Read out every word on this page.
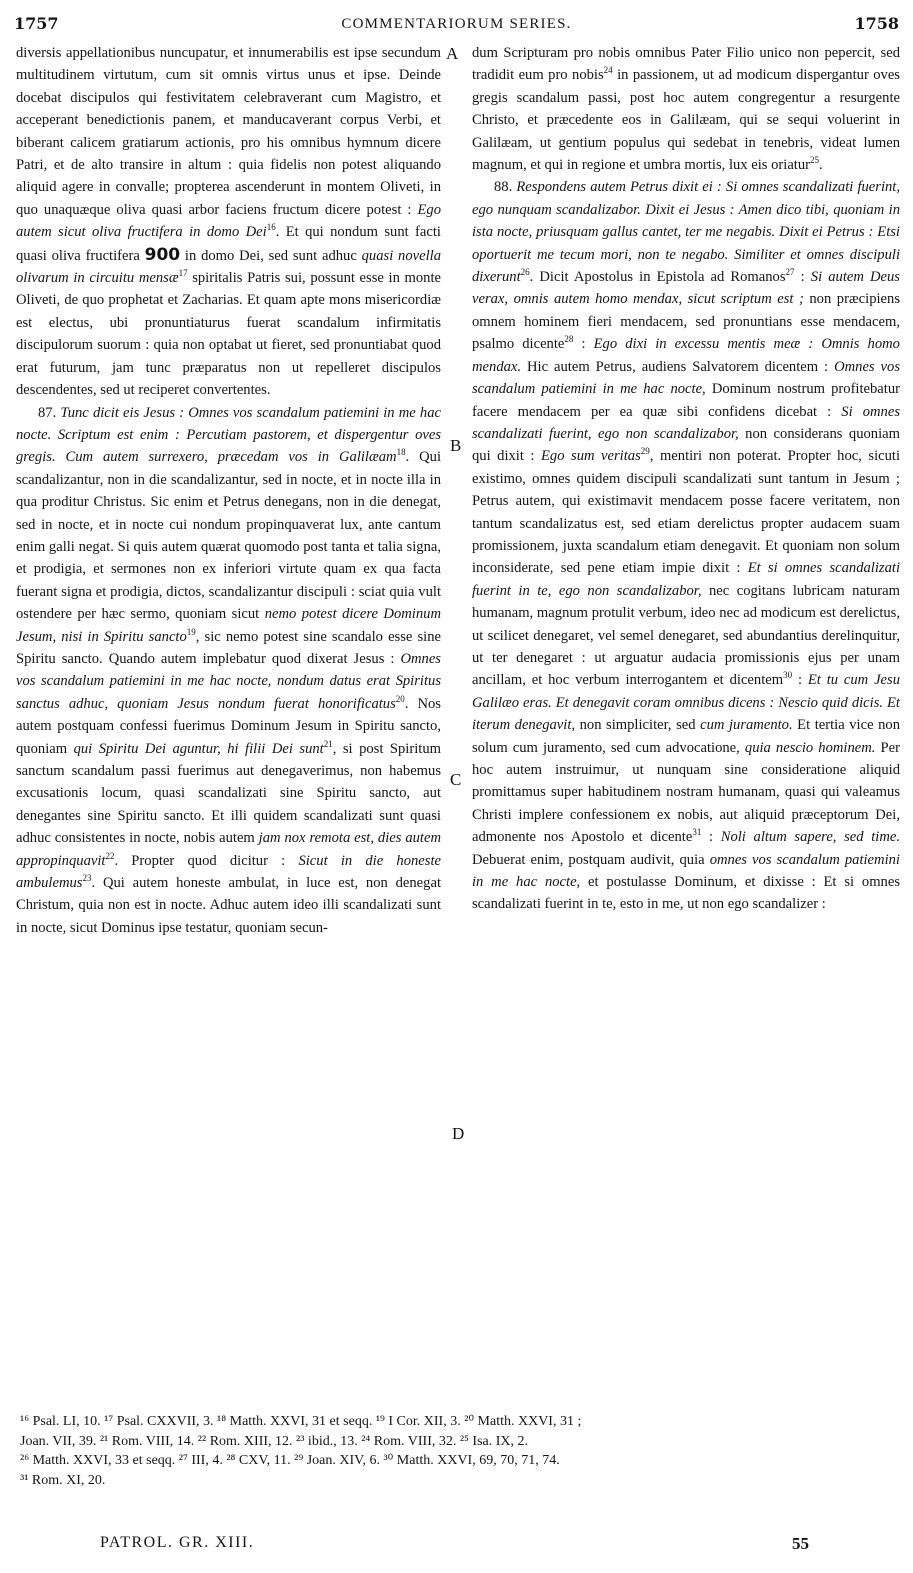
1757	COMMENTARIORUM SERIES.	1758
A
B
C
D

diversis appellationibus nuncupatur, et innumerabilis est ipse secundum multitudinem virtutum, cum sit omnis virtus unus et ipse. Deinde docebat discipulos qui festivitatem celebraverant cum Magistro, et acceperant benedictionis panem, et manducaverant corpus Verbi, et biberant calicem gratiarum actionis, pro his omnibus hymnum dicere Patri, et de alto transire in altum : quia fidelis non potest aliquando aliquid agere in convalle; propterea ascenderunt in montem Oliveti, in quo unaquæque oliva quasi arbor faciens fructum dicere potest : Ego autem sicut oliva fructifera in domo Dei$^{16}$. Et qui nondum sunt facti quasi oliva fructifera 900 in domo Dei, sed sunt adhuc quasi novella olivarum in circuitu mensæ$^{17}$ spiritalis Patris sui, possunt esse in monte Oliveti, de quo prophetat et Zacharias. Et quam apte mons misericordiæ est electus, ubi pronuntiaturus fuerat scandalum infirmitatis discipulorum suorum : quia non optabat ut fieret, sed pronuntiabat quod erat futurum, jam tunc præparatus non ut repelleret discipulos descendentes, sed ut reciperet convertentes.

87. Tunc dicit eis Jesus : Omnes vos scandalum patiemini in me hac nocte. Scriptum est enim : Percutiam pastorem, et dispergentur oves gregis. Cum autem surrexero, præcedam vos in Galilæam$^{18}$. Qui scandalizantur, non in die scandalizantur, sed in nocte, et in nocte illa in qua proditur Christus. Sic enim et Petrus denegans, non in die denegat, sed in nocte, et in nocte cui nondum propinquaverat lux, ante cantum enim galli negat. Si quis autem quærat quomodo post tanta et talia signa, et prodigia, et sermones non ex inferiori virtute quam ex qua facta fuerant signa et prodigia, dictos, scandalizantur discipuli : sciat quia vult ostendere per hæc sermo, quoniam sicut nemo potest dicere Dominum Jesum, nisi in Spiritu sancto$^{19}$, sic nemo potest sine scandalo esse sine Spiritu sancto. Quando autem implebatur quod dixerat Jesus : Omnes vos scandalum patiemini in me hac nocte, nondum datus erat Spiritus sanctus adhuc, quoniam Jesus nondum fuerat honorificatus$^{20}$. Nos autem postquam confessi fuerimus Dominum Jesum in Spiritu sancto, quoniam qui Spiritu Dei aguntur, hi filii Dei sunt$^{21}$, si post Spiritum sanctum scandalum passi fuerimus aut denegaverimus, non habemus excusationis locum, quasi scandalizati sine Spiritu sancto, aut denegantes sine Spiritu sancto. Et illi quidem scandalizati sunt quasi adhuc consistentes in nocte, nobis autem jam nox remota est, dies autem appropinquavit$^{22}$. Propter quod dicitur : Sicut in die honeste ambulemus$^{23}$. Qui autem honeste ambulat, in luce est, non denegat Christum, quia non est in nocte. Adhuc autem ideo illi scandalizati sunt in nocte, sicut Dominus ipse testatur, quoniam secun-

dum Scripturam pro nobis omnibus Pater Filio unico non pepercit, sed tradidit eum pro nobis$^{24}$ in passionem, ut ad modicum dispergantur oves gregis scandalum passi, post hoc autem congregentur a resurgente Christo, et præcedente eos in Galilæam, qui se sequi voluerint in Galilæam, ut gentium populus qui sedebat in tenebris, videat lumen magnum, et qui in regione et umbra mortis, lux eis oriatur$^{25}$.

88. Respondens autem Petrus dixit ei : Si omnes scandalizati fuerint, ego nunquam scandalizabor. Dixit ei Jesus : Amen dico tibi, quoniam in ista nocte, priusquam gallus cantet, ter me negabis. Dixit ei Petrus : Etsi oportuerit me tecum mori, non te negabo. Similiter et omnes discipuli dixerunt$^{26}$. Dicit Apostolus in Epistola ad Romanos$^{27}$ : Si autem Deus verax, omnis autem homo mendax, sicut scriptum est ; non præcipiens omnem hominem fieri mendacem, sed pronuntians esse mendacem, psalmo dicente$^{28}$ : Ego dixi in excessu mentis meæ : Omnis homo mendax. Hic autem Petrus, audiens Salvatorem dicentem : Omnes vos scandalum patiemini in me hac nocte, Dominum nostrum profitebatur facere mendacem per ea quæ sibi confidens dicebat : Si omnes scandalizati fuerint, ego non scandalizabor, non considerans quoniam qui dixit : Ego sum veritas$^{29}$, mentiri non poterat. Propter hoc, sicuti existimo, omnes quidem discipuli scandalizati sunt tantum in Jesum ; Petrus autem, qui existimavit mendacem posse facere veritatem, non tantum scandalizatus est, sed etiam derelictus propter audacem suam promissionem, juxta scandalum etiam denegavit. Et quoniam non solum inconsiderate, sed pene etiam impie dixit : Et si omnes scandalizati fuerint in te, ego non scandalizabor, nec cogitans lubricam naturam humanam, magnum protulit verbum, ideo nec ad modicum est derelictus, ut scilicet denegaret, vel semel denegaret, sed abundantius derelinquitur, ut ter denegaret : ut arguatur audacia promissionis ejus per unam ancillam, et hoc verbum interrogantem et dicentem$^{30}$ : Et tu cum Jesu Galilæo eras. Et denegavit coram omnibus dicens : Nescio quid dicis. Et iterum denegavit, non simpliciter, sed cum juramento. Et tertia vice non solum cum juramento, sed cum advocatione, quia nescio hominem. Per hoc autem instruimur, ut nunquam sine consideratione aliquid promittamus super habitudinem nostram humanam, quasi qui valeamus Christi implere confessionem ex nobis, aut aliquid præceptorum Dei, admonente nos Apostolo et dicente$^{31}$ : Noli altum sapere, sed time. Debuerat enim, postquam audivit, quia omnes vos scandalum patiemini in me hac nocte, et postulasse Dominum, et dixisse : Et si omnes scandalizati fuerint in te, esto in me, ut non ego scandalizer :

¹⁶ Psal. LI, 10. ¹⁷ Psal. CXXVII, 3. ¹⁸ Matth. XXVI, 31 et seqq. ¹⁹ I Cor. XII, 3. ²⁰ Matth. XXVI, 31 ;
Joan. VII, 39. ²¹ Rom. VIII, 14. ²² Rom. XIII, 12. ²³ ibid., 13. ²⁴ Rom. VIII, 32. ²⁵ Isa. IX, 2.
²⁶ Matth. XXVI, 33 et seqq. ²⁷ III, 4. ²⁸ CXV, 11. ²⁹ Joan. XIV, 6. ³⁰ Matth. XXVI, 69, 70, 71, 74.
³¹ Rom. XI, 20.
PATROL. GR. XIII.	55
